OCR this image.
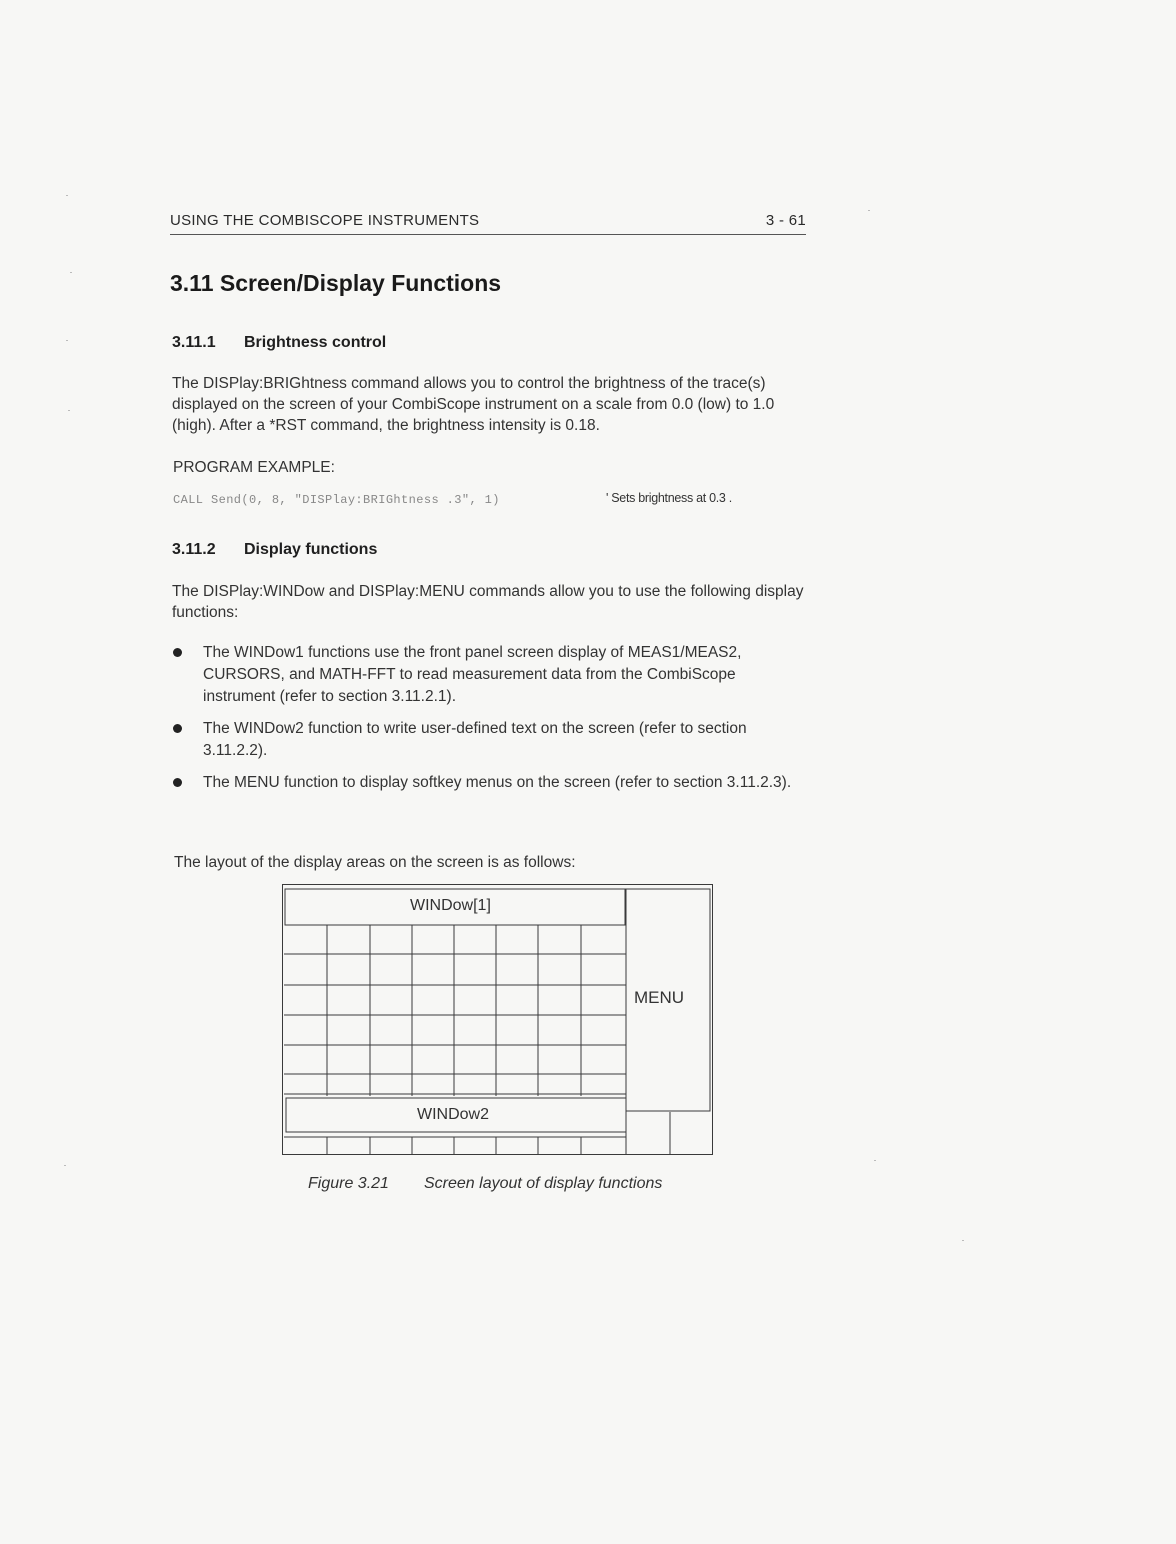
USING THE COMBISCOPE INSTRUMENTS	3 - 61
3.11 Screen/Display Functions
3.11.1 Brightness control
The DISPlay:BRIGhtness command allows you to control the brightness of the trace(s) displayed on the screen of your CombiScope instrument on a scale from 0.0 (low) to 1.0 (high). After a *RST command, the brightness intensity is 0.18.
PROGRAM EXAMPLE:
CALL Send(0, 8, "DISPlay:BRIGhtness .3", 1)	' Sets brightness at 0.3 .
3.11.2 Display functions
The DISPlay:WINDow and DISPlay:MENU commands allow you to use the following display functions:
The WINDow1 functions use the front panel screen display of MEAS1/MEAS2, CURSORS, and MATH-FFT to read measurement data from the CombiScope instrument (refer to section 3.11.2.1).
The WINDow2 function to write user-defined text on the screen (refer to section 3.11.2.2).
The MENU function to display softkey menus on the screen (refer to section 3.11.2.3).
The layout of the display areas on the screen is as follows:
WINDow[1]
MENU
WINDow2
Figure 3.21 Screen layout of display functions
